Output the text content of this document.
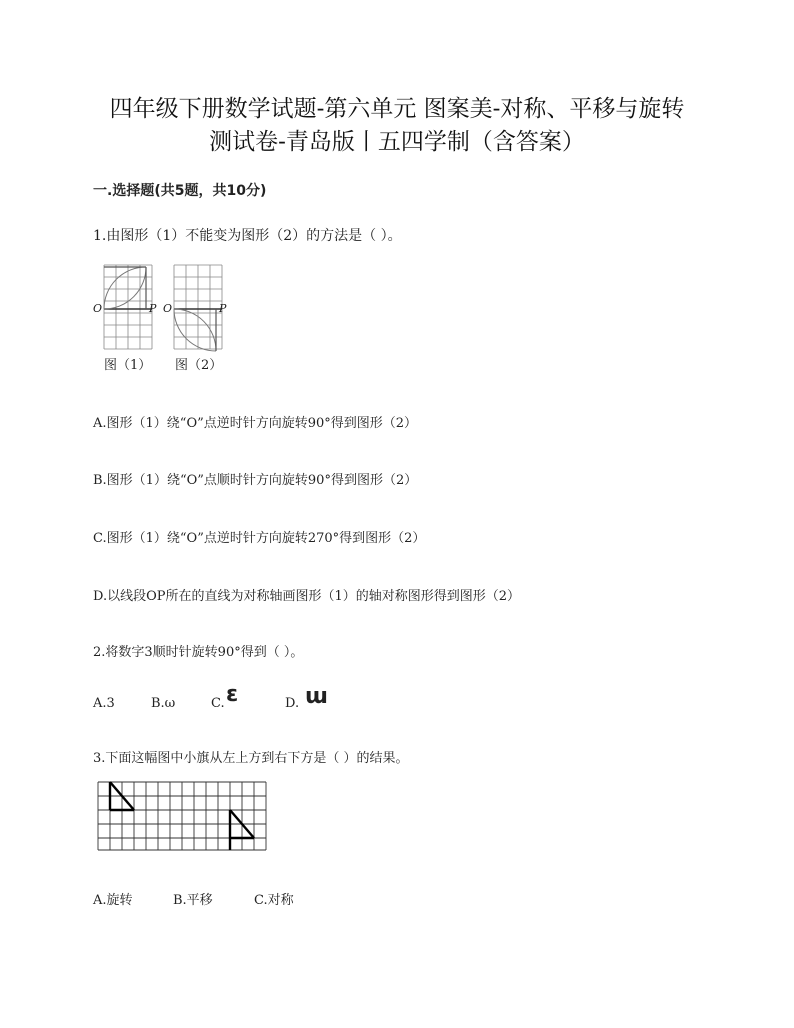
四年级下册数学试题-第六单元 图案美-对称、平移与旋转
测试卷-青岛版丨五四学制（含答案）
一.选择题(共5题，共10分)
1.由图形（1）不能变为图形（2）的方法是（ ）。
O	P O	P
图（1） 图（2）
A.图形（1）绕“O”点逆时针方向旋转90°得到图形（2）
B.图形（1）绕“O”点顺时针方向旋转90°得到图形（2）
C.图形（1）绕“O”点逆时针方向旋转270°得到图形（2）
D.以线段OP所在的直线为对称轴画图形（1）的轴对称图形得到图形（2）
2.将数字3顺时针旋转90°得到（ ）。
A.3	B.ω	C. ɛ	D. ɯ
3.下面这幅图中小旗从左上方到右下方是（ ）的结果。
A.旋转	B.平移	C.对称
